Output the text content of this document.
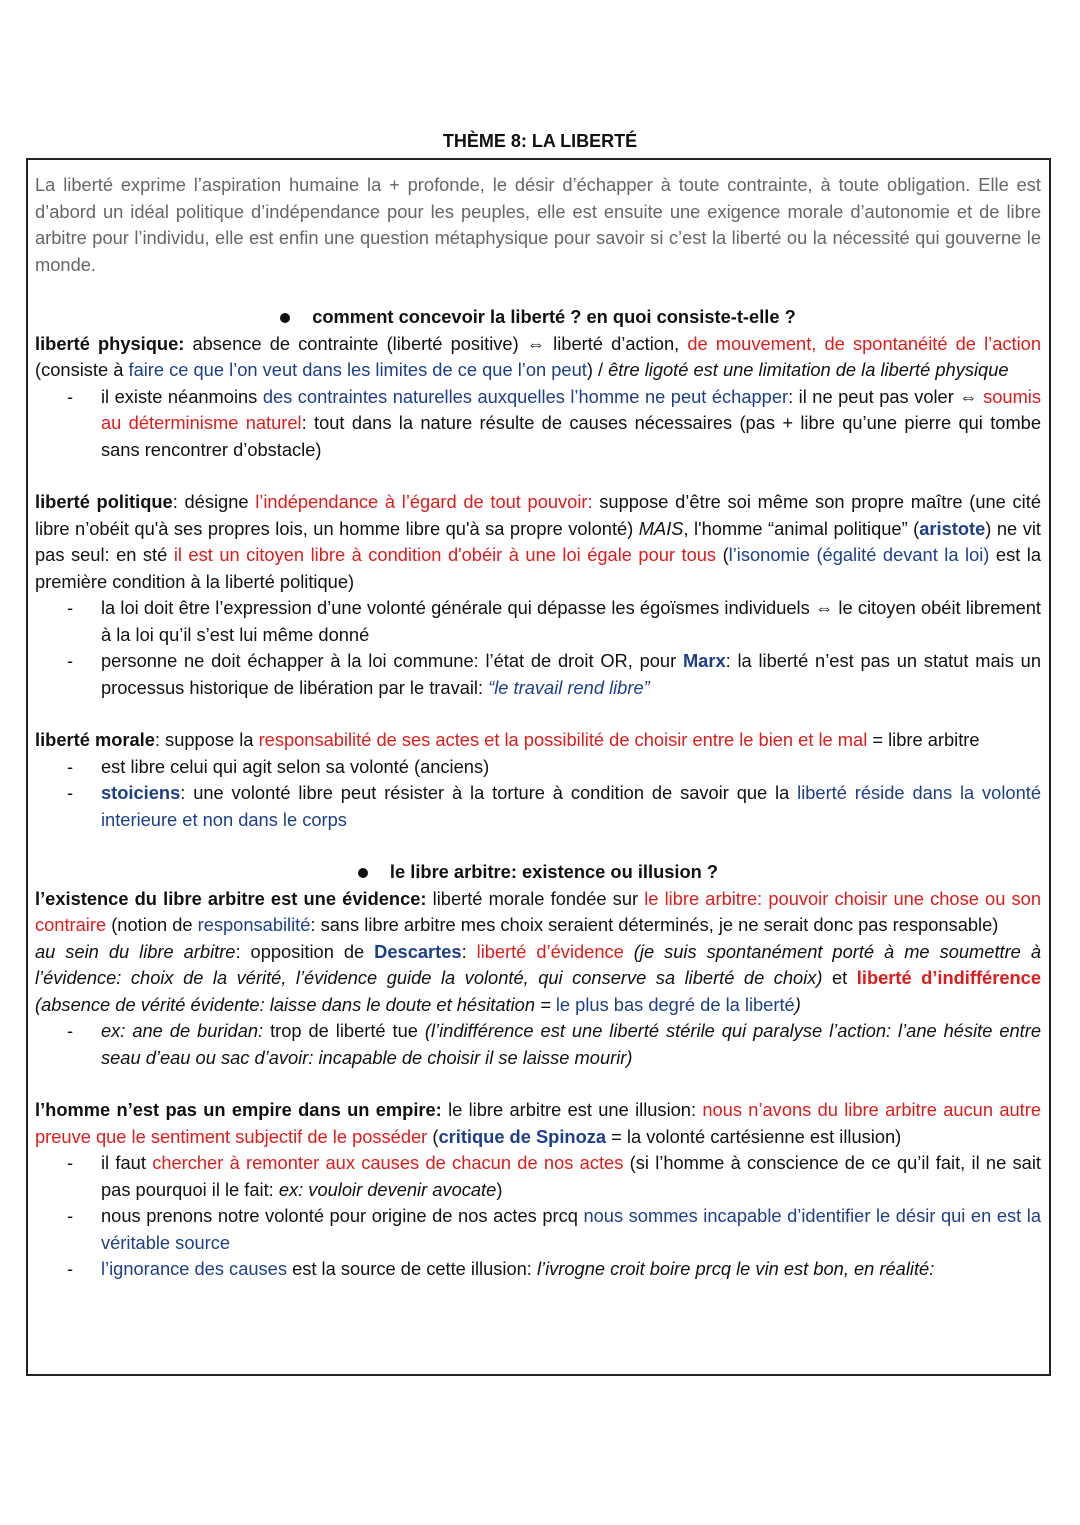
THÈME 8: LA LIBERTÉ

La liberté exprime l’aspiration humaine la + profonde, le désir d’échapper à toute contrainte, à toute obligation. Elle est d’abord un idéal politique d’indépendance pour les peuples, elle est ensuite une exigence morale d’autonomie et de libre arbitre pour l’individu, elle est enfin une question métaphysique pour savoir si c’est la liberté ou la nécessité qui gouverne le monde.

comment concevoir la liberté ? en quoi consiste-t-elle ?

liberté physique: absence de contrainte (liberté positive) ⇔ liberté d’action, de mouvement, de spontanéité de l’action (consiste à faire ce que l’on veut dans les limites de ce que l’on peut) / être ligoté est une limitation de la liberté physique

- il existe néanmoins des contraintes naturelles auxquelles l’homme ne peut échapper: il ne peut pas voler ⇔ soumis au déterminisme naturel: tout dans la nature résulte de causes nécessaires (pas + libre qu’une pierre qui tombe sans rencontrer d’obstacle)

liberté politique: désigne l’indépendance à l’égard de tout pouvoir: suppose d’être soi même son propre maître (une cité libre n’obéit qu'à ses propres lois, un homme libre qu'à sa propre volonté) MAIS, l'homme “animal politique” (aristote) ne vit pas seul: en sté il est un citoyen libre à condition d'obéir à une loi égale pour tous (l’isonomie (égalité devant la loi) est la première condition à la liberté politique)

- la loi doit être l’expression d’une volonté générale qui dépasse les égoïsmes individuels ⇔ le citoyen obéit librement à la loi qu’il s’est lui même donné
- personne ne doit échapper à la loi commune: l’état de droit OR, pour Marx: la liberté n’est pas un statut mais un processus historique de libération par le travail: “le travail rend libre”

liberté morale: suppose la responsabilité de ses actes et la possibilité de choisir entre le bien et le mal = libre arbitre

- est libre celui qui agit selon sa volonté (anciens)
- stoiciens: une volonté libre peut résister à la torture à condition de savoir que la liberté réside dans la volonté interieure et non dans le corps

le libre arbitre: existence ou illusion ?

l’existence du libre arbitre est une évidence: liberté morale fondée sur le libre arbitre: pouvoir choisir une chose ou son contraire (notion de responsabilité: sans libre arbitre mes choix seraient déterminés, je ne serait donc pas responsable)

au sein du libre arbitre: opposition de Descartes: liberté d’évidence (je suis spontanément porté à me soumettre à l’évidence: choix de la vérité, l’évidence guide la volonté, qui conserve sa liberté de choix) et liberté d’indifférence (absence de vérité évidente: laisse dans le doute et hésitation = le plus bas degré de la liberté)

- ex: ane de buridan: trop de liberté tue (l’indifférence est une liberté stérile qui paralyse l’action: l’ane hésite entre seau d’eau ou sac d’avoir: incapable de choisir il se laisse mourir)

l’homme n’est pas un empire dans un empire: le libre arbitre est une illusion: nous n’avons du libre arbitre aucun autre preuve que le sentiment subjectif de le posséder (critique de Spinoza = la volonté cartésienne est illusion)

- il faut chercher à remonter aux causes de chacun de nos actes (si l’homme à conscience de ce qu’il fait, il ne sait pas pourquoi il le fait: ex: vouloir devenir avocate)
- nous prenons notre volonté pour origine de nos actes prcq nous sommes incapable d’identifier le désir qui en est la véritable source
- l’ignorance des causes est la source de cette illusion: l’ivrogne croit boire prcq le vin est bon, en réalité:
